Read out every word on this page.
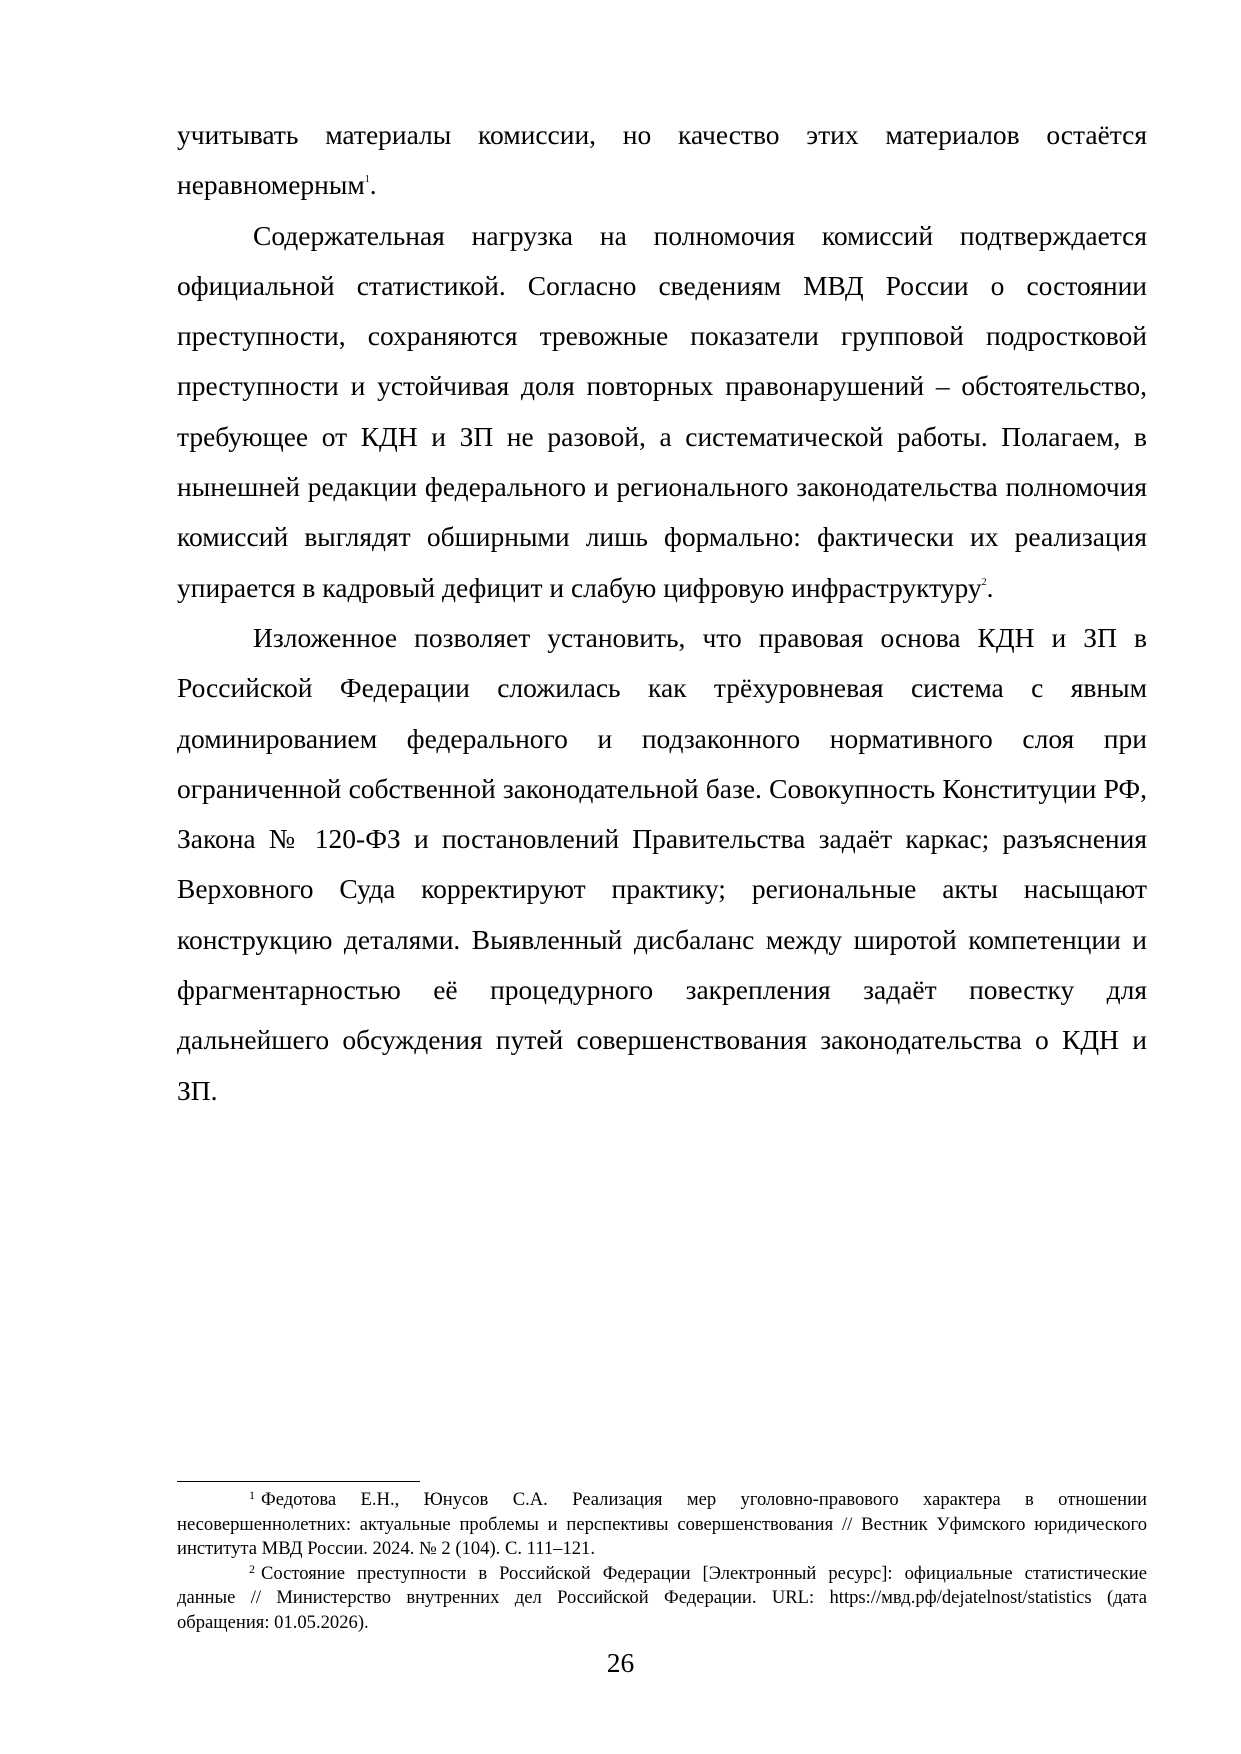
учитывать материалы комиссии, но качество этих материалов остаётся неравномерным$^1$.

Содержательная нагрузка на полномочия комиссий подтверждается официальной статистикой. Согласно сведениям МВД России о состоянии преступности, сохраняются тревожные показатели групповой подростковой преступности и устойчивая доля повторных правонарушений – обстоятельство, требующее от КДН и ЗП не разовой, а систематической работы. Полагаем, в нынешней редакции федерального и регионального законодательства полномочия комиссий выглядят обширными лишь формально: фактически их реализация упирается в кадровый дефицит и слабую цифровую инфраструктуру$^2$.

Изложенное позволяет установить, что правовая основа КДН и ЗП в Российской Федерации сложилась как трёхуровневая система с явным доминированием федерального и подзаконного нормативного слоя при ограниченной собственной законодательной базе. Совокупность Конституции РФ, Закона № 120-ФЗ и постановлений Правительства задаёт каркас; разъяснения Верховного Суда корректируют практику; региональные акты насыщают конструкцию деталями. Выявленный дисбаланс между широтой компетенции и фрагментарностью её процедурного закрепления задаёт повестку для дальнейшего обсуждения путей совершенствования законодательства о КДН и ЗП.

$^1$ Федотова Е.Н., Юнусов С.А. Реализация мер уголовно-правового характера в отношении несовершеннолетних: актуальные проблемы и перспективы совершенствования // Вестник Уфимского юридического института МВД России. 2024. № 2 (104). С. 111–121.

$^2$ Состояние преступности в Российской Федерации [Электронный ресурс]: официальные статистические данные // Министерство внутренних дел Российской Федерации. URL: https://мвд.рф/dejatelnost/statistics (дата обращения: 01.05.2026).

26
